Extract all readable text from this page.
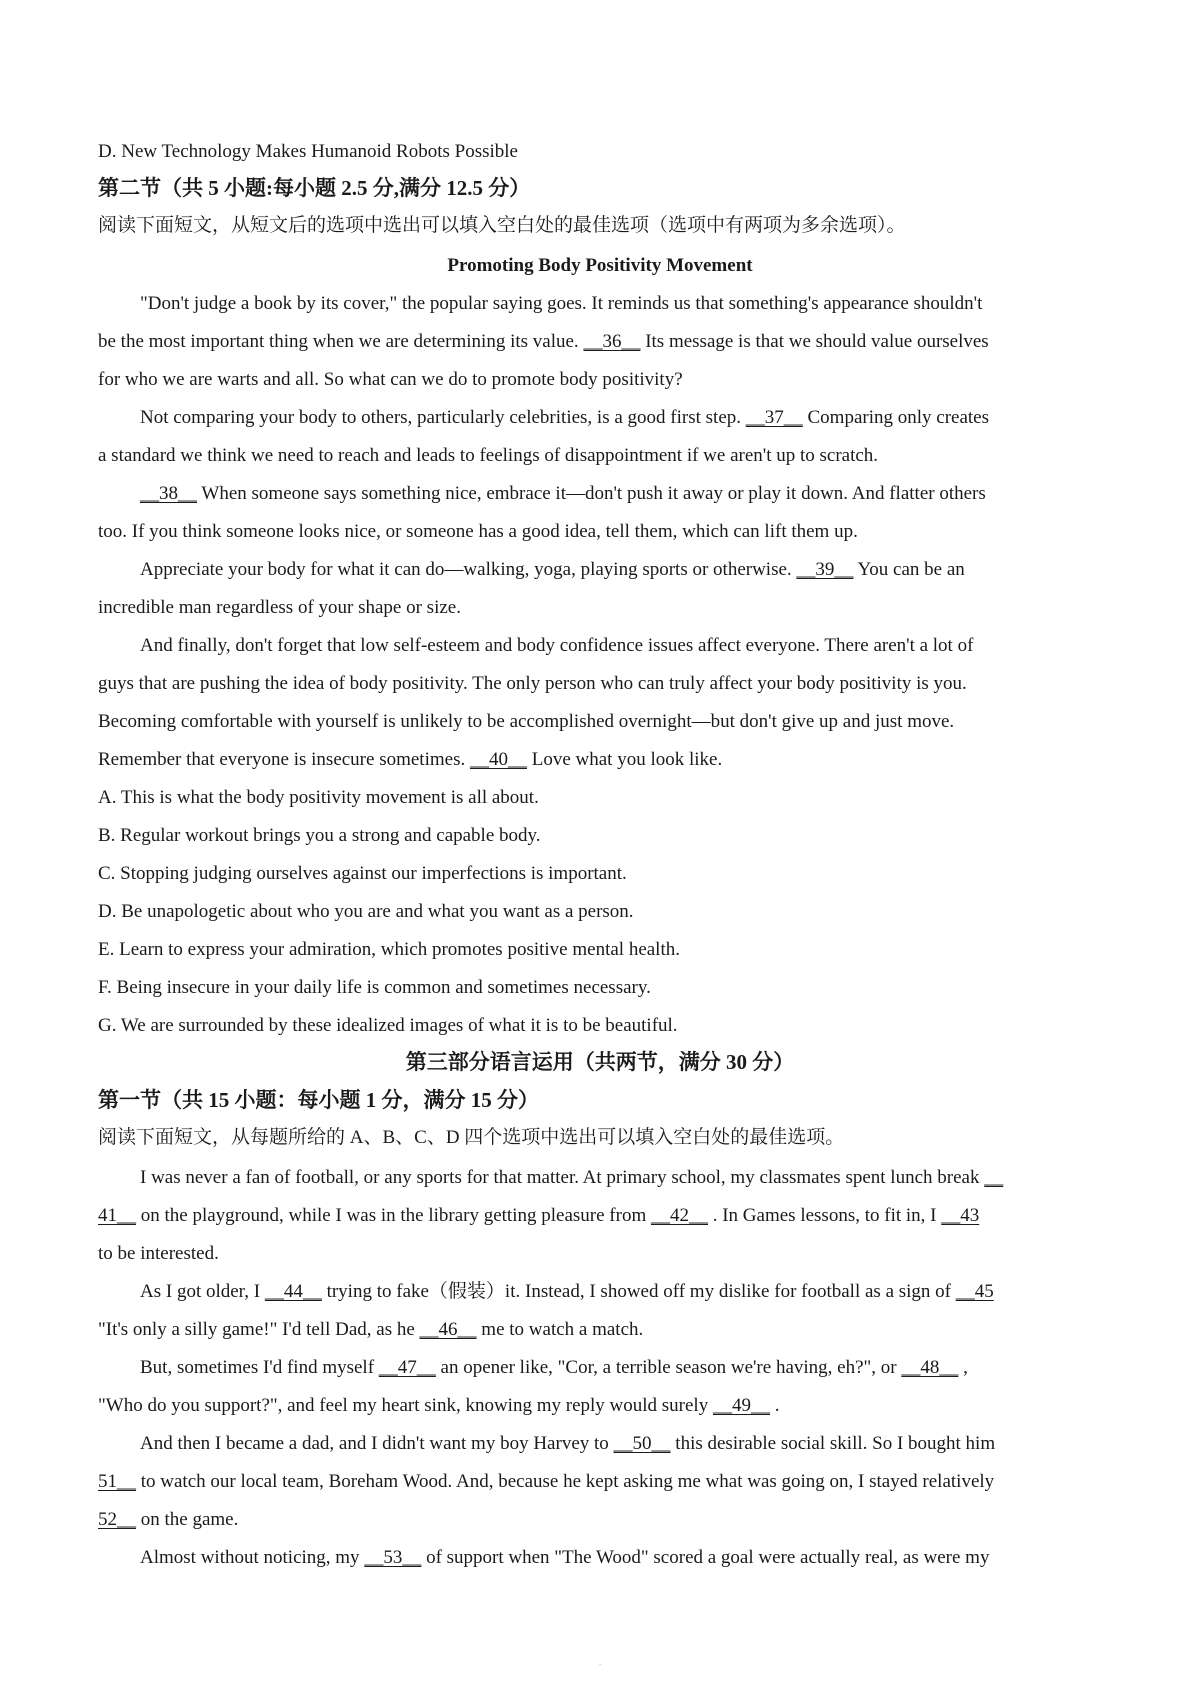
D. New Technology Makes Humanoid Robots Possible
第二节（共 5 小题:每小题 2.5 分,满分 12.5 分）
阅读下面短文，从短文后的选项中选出可以填入空白处的最佳选项（选项中有两项为多余选项）。
Promoting Body Positivity Movement
"Don't judge a book by its cover," the popular saying goes. It reminds us that something's appearance shouldn't
be the most important thing when we are determining its value. __36__ Its message is that we should value ourselves
for who we are warts and all. So what can we do to promote body positivity?
Not comparing your body to others, particularly celebrities, is a good first step. __37__ Comparing only creates
a standard we think we need to reach and leads to feelings of disappointment if we aren't up to scratch.
__38__ When someone says something nice, embrace it—don't push it away or play it down. And flatter others
too. If you think someone looks nice, or someone has a good idea, tell them, which can lift them up.
Appreciate your body for what it can do—walking, yoga, playing sports or otherwise. __39__ You can be an
incredible man regardless of your shape or size.
And finally, don't forget that low self-esteem and body confidence issues affect everyone. There aren't a lot of
guys that are pushing the idea of body positivity. The only person who can truly affect your body positivity is you.
Becoming comfortable with yourself is unlikely to be accomplished overnight—but don't give up and just move.
Remember that everyone is insecure sometimes. __40__ Love what you look like.
A. This is what the body positivity movement is all about.
B. Regular workout brings you a strong and capable body.
C. Stopping judging ourselves against our imperfections is important.
D. Be unapologetic about who you are and what you want as a person.
E. Learn to express your admiration, which promotes positive mental health.
F. Being insecure in your daily life is common and sometimes necessary.
G. We are surrounded by these idealized images of what it is to be beautiful.
第三部分语言运用（共两节，满分 30 分）
第一节（共 15 小题：每小题 1 分，满分 15 分）
阅读下面短文，从每题所给的 A、B、C、D 四个选项中选出可以填入空白处的最佳选项。
I was never a fan of football, or any sports for that matter. At primary school, my classmates spent lunch break __
41__ on the playground, while I was in the library getting pleasure from __42__ . In Games lessons, to fit in, I __43
to be interested.
As I got older, I __44__ trying to fake（假装）it. Instead, I showed off my dislike for football as a sign of __45
"It's only a silly game!" I'd tell Dad, as he __46__ me to watch a match.
But, sometimes I'd find myself __47__ an opener like, "Cor, a terrible season we're having, eh?", or __48__ ,
"Who do you support?", and feel my heart sink, knowing my reply would surely __49__ .
And then I became a dad, and I didn't want my boy Harvey to __50__ this desirable social skill. So I bought him
51__ to watch our local team, Boreham Wood. And, because he kept asking me what was going on, I stayed relatively
52__ on the game.
Almost without noticing, my __53__ of support when "The Wood" scored a goal were actually real, as were my
·
